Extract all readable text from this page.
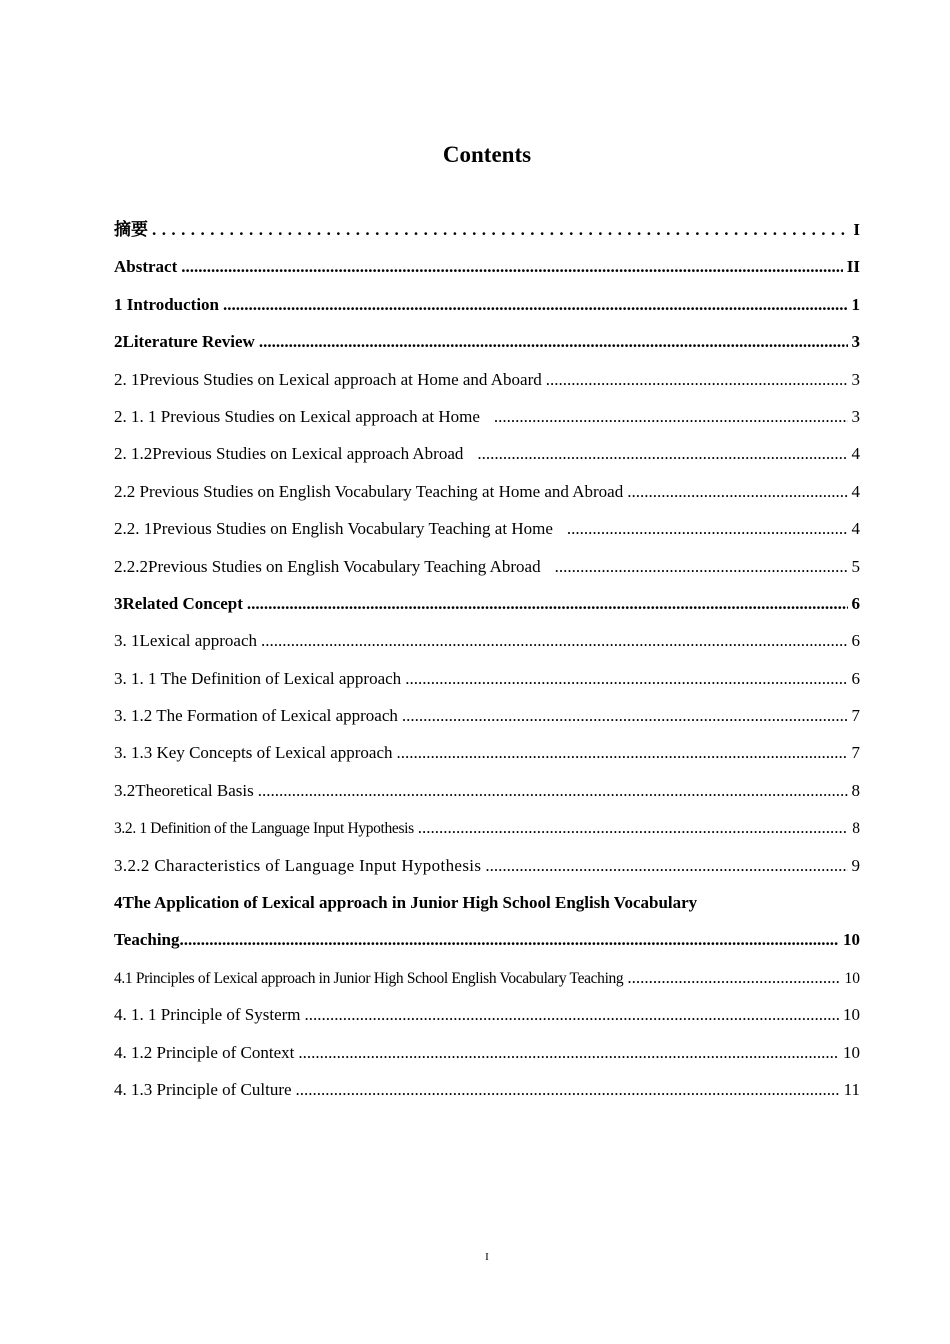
Contents
摘要 . . .	I
Abstract .....	II
1 Introduction .....	1
2Literature Review .....	3
2. 1Previous Studies on Lexical approach at Home and Aboard .....	3
2. 1. 1 Previous Studies on Lexical approach at Home .....	3
2. 1.2Previous Studies on Lexical approach Abroad .....	4
2.2 Previous Studies on English Vocabulary Teaching at Home and Abroad .....	4
2.2. 1Previous Studies on English Vocabulary Teaching at Home .....	4
2.2.2Previous Studies on English Vocabulary Teaching Abroad .....	5
3Related Concept .....	6
3. 1Lexical approach .....	6
3. 1. 1 The Definition of Lexical approach .....	6
3. 1.2 The Formation of Lexical approach .....	7
3. 1.3 Key Concepts of Lexical approach .....	7
3.2Theoretical Basis .....	8
3.2. 1 Definition of the Language Input Hypothesis .....	8
3.2.2 Characteristics of Language Input Hypothesis .....	9
4The Application of Lexical approach in Junior High School English Vocabulary
Teaching .....	10
4.1 Principles of Lexical approach in Junior High School English Vocabulary Teaching .....	10
4. 1. 1 Principle of Systerm .....	10
4. 1.2 Principle of Context .....	10
4. 1.3 Principle of Culture .....	11
I
